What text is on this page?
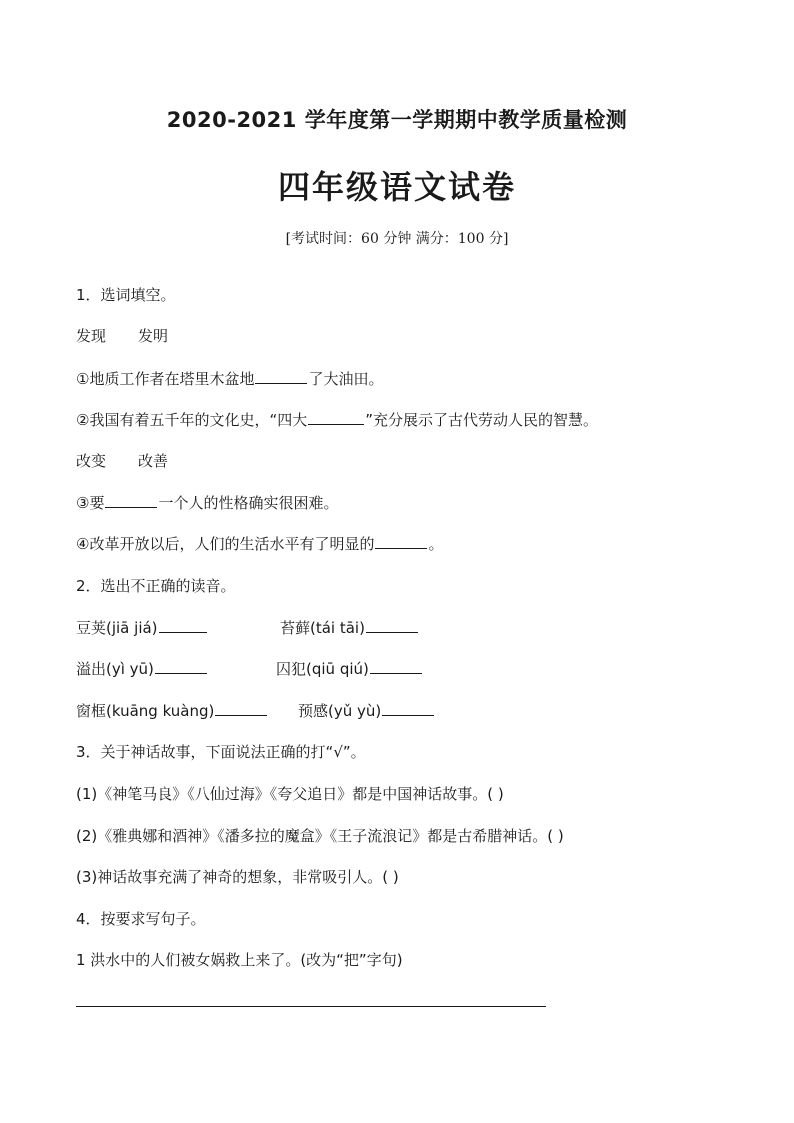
2020-2021 学年度第一学期期中教学质量检测
四年级语文试卷
[考试时间：60 分钟 满分：100 分]
1．选词填空。
发现 发明
①地质工作者在塔里木盆地	了大油田。
②我国有着五千年的文化史，“四大	”充分展示了古代劳动人民的智慧。
改变 改善
③要	一个人的性格确实很困难。
④改革开放以后，人们的生活水平有了明显的	。
2．选出不正确的读音。
豆荚(jiā jiá)	苔藓(tái tāi)
溢出(yì yū)	囚犯(qiū qiú)
窗框(kuāng kuàng)	预感(yǔ yù)
3．关于神话故事，下面说法正确的打“√”。
(1)《神笔马良》《八仙过海》《夸父追日》都是中国神话故事。( )
(2)《雅典娜和酒神》《潘多拉的魔盒》《王子流浪记》都是古希腊神话。( )
(3)神话故事充满了神奇的想象，非常吸引人。( )
4．按要求写句子。
1 洪水中的人们被女娲救上来了。(改为“把”字句)
